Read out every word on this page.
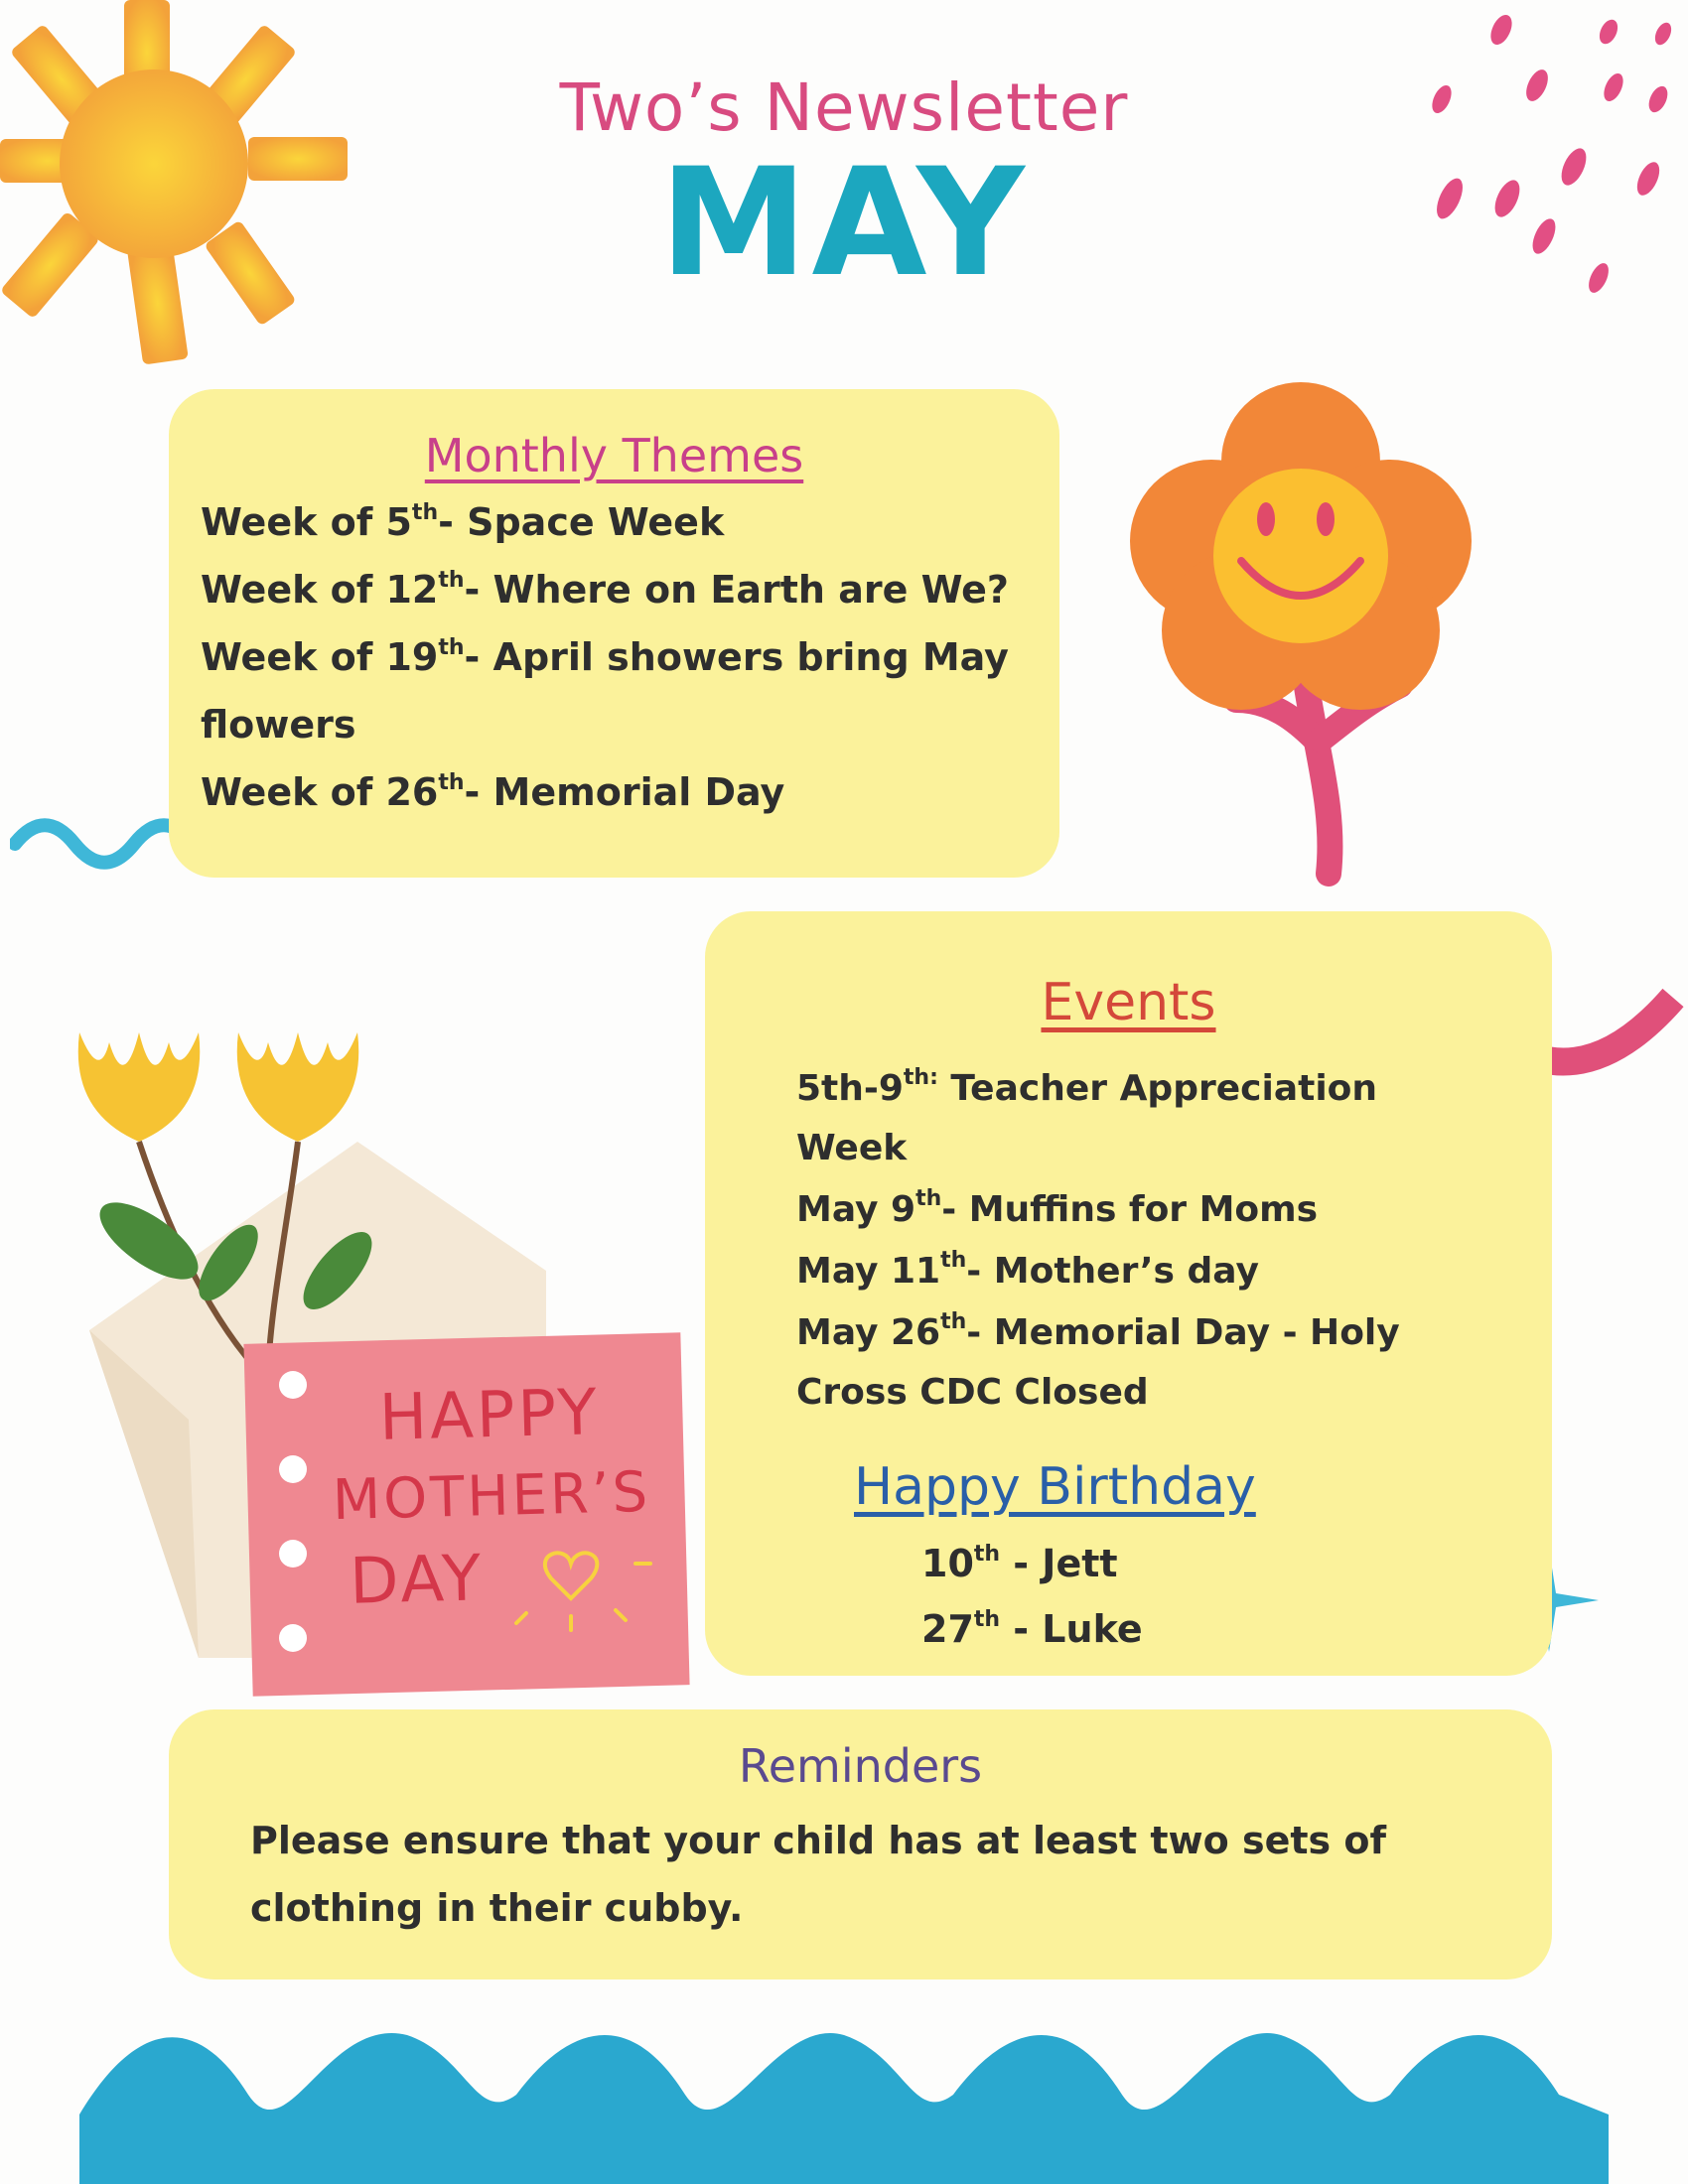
HAPPY
MOTHER’S
DAY
Two’s Newsletter
MAY
Monthly Themes
Week of 5th- Space Week
Week of 12th- Where on Earth are We?
Week of 19th- April showers bring May
flowers
Week of 26th- Memorial Day
Events
$5th-9^{th:}$ Teacher Appreciation
Week
May 9th- Muffins for Moms
May 11th- Mother’s day
May 26th- Memorial Day - Holy
Cross CDC Closed
Happy Birthday
10th - Jett
27th - Luke
Reminders
Please ensure that your child has at least two sets of clothing in their cubby.
